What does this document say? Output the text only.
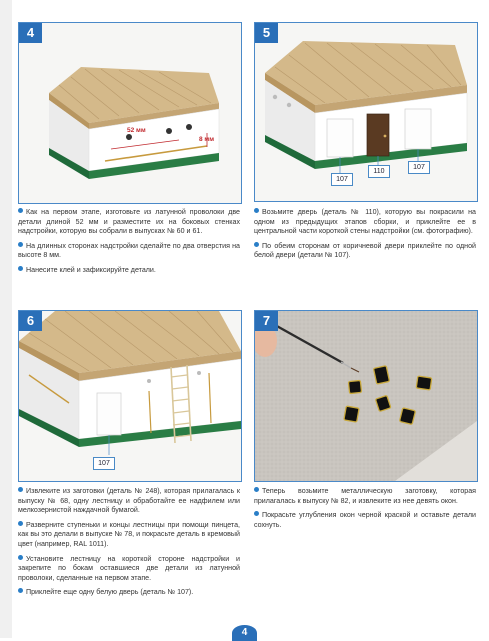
4
52 мм
8 мм
5
107
110
107

Как на первом этапе, изготовьте из латунной проволоки две детали длиной 52 мм и разместите их на боковых стенках надстройки, которую вы собрали в выпусках № 60 и 61.

На длинных сторонах надстройки сделайте по два отверстия на высоте 8 мм.

Нанесите клей и зафиксируйте детали.

Возьмите дверь (деталь № 110), которую вы покрасили на одном из предыдущих этапов сборки, и приклейте ее в центральной части короткой стены надстройки (см. фотографию).

По обеим сторонам от коричневой двери приклейте по одной белой двери (детали № 107).

6
107
7

Извлеките из заготовки (деталь № 248), которая прилагалась к выпуску № 68, одну лестницу и обработайте ее надфилем или мелкозернистой наждачной бумагой.

Разверните ступеньки и концы лестницы при помощи пинцета, как вы это делали в выпуске № 78, и покрасьте деталь в кремовый цвет (например, RAL 1011).

Установите лестницу на короткой стороне надстройки и закрепите по бокам оставшиеся две детали из латунной проволоки, сделанные на первом этапе.

Приклейте еще одну белую дверь (деталь № 107).

Теперь возьмите металлическую заготовку, которая прилагалась к выпуску № 82, и извлеките из нее девять окон.

Покрасьте углубления окон черной краской и оставьте детали сохнуть.

4
